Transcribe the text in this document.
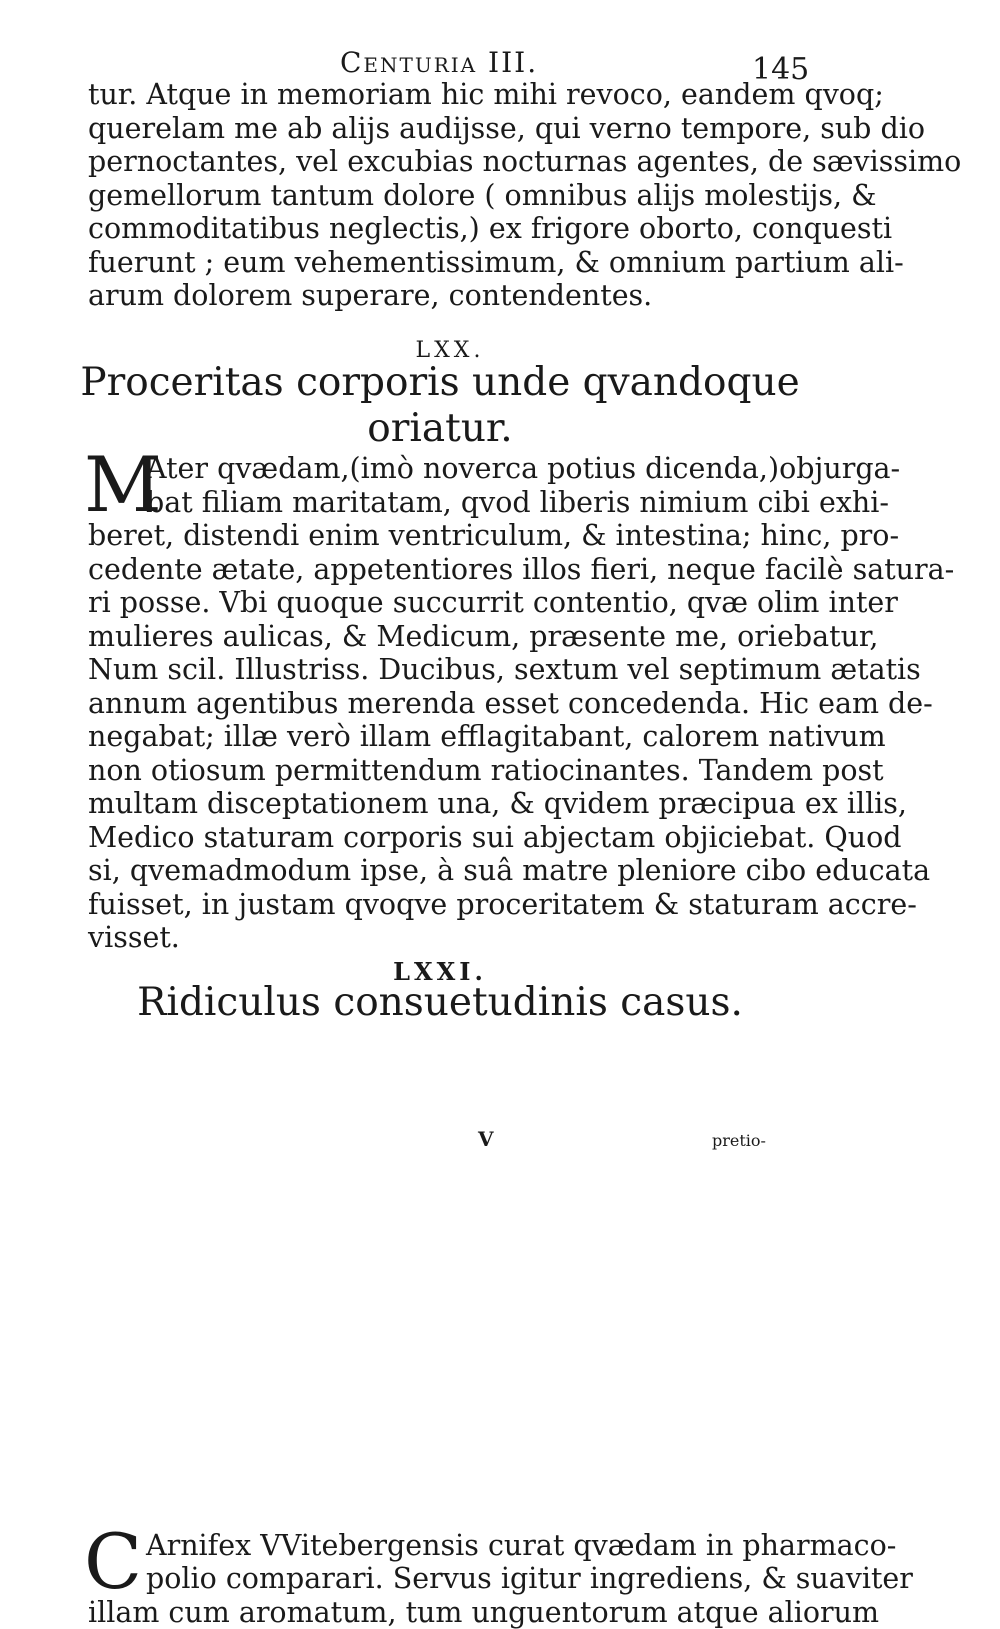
Centuria III.	145
tur. Atque in memoriam hic mihi revoco, eandem qvoq;
querelam me ab alijs audijsse, qui verno tempore, sub dio
pernoctantes, vel excubias nocturnas agentes, de sævissimo
gemellorum tantum dolore ( omnibus alijs molestijs, &
commoditatibus neglectis,) ex frigore oborto, conquesti
fuerunt ; eum vehementissimum, & omnium partium ali-
arum dolorem superare, contendentes.
LXX.
Proceritas corporis unde qvandoque
oriatur.
M
Ater qvædam,(imò noverca potius dicenda,)objurga-
bat filiam maritatam, qvod liberis nimium cibi exhi-
beret, distendi enim ventriculum, & intestina; hinc, pro-
cedente ætate, appetentiores illos fieri, neque facilè satura-
ri posse. Vbi quoque succurrit contentio, qvæ olim inter
mulieres aulicas, & Medicum, præsente me, oriebatur,
Num scil. Illustriss. Ducibus, sextum vel septimum ætatis
annum agentibus merenda esset concedenda. Hic eam de-
negabat; illæ verò illam efflagitabant, calorem nativum
non otiosum permittendum ratiocinantes. Tandem post
multam disceptationem una, & qvidem præcipua ex illis,
Medico staturam corporis sui abjectam objiciebat. Quod
si, qvemadmodum ipse, à suâ matre pleniore cibo educata
fuisset, in justam qvoqve proceritatem & staturam accre-
visset.
LXXI.
Ridiculus consuetudinis casus.
C Arnifex VVitebergensis curat qvædam in pharmaco-
polio comparari. Servus igitur ingrediens, & suaviter
illam cum aromatum, tum unguentorum atque aliorum
V	pretio-
